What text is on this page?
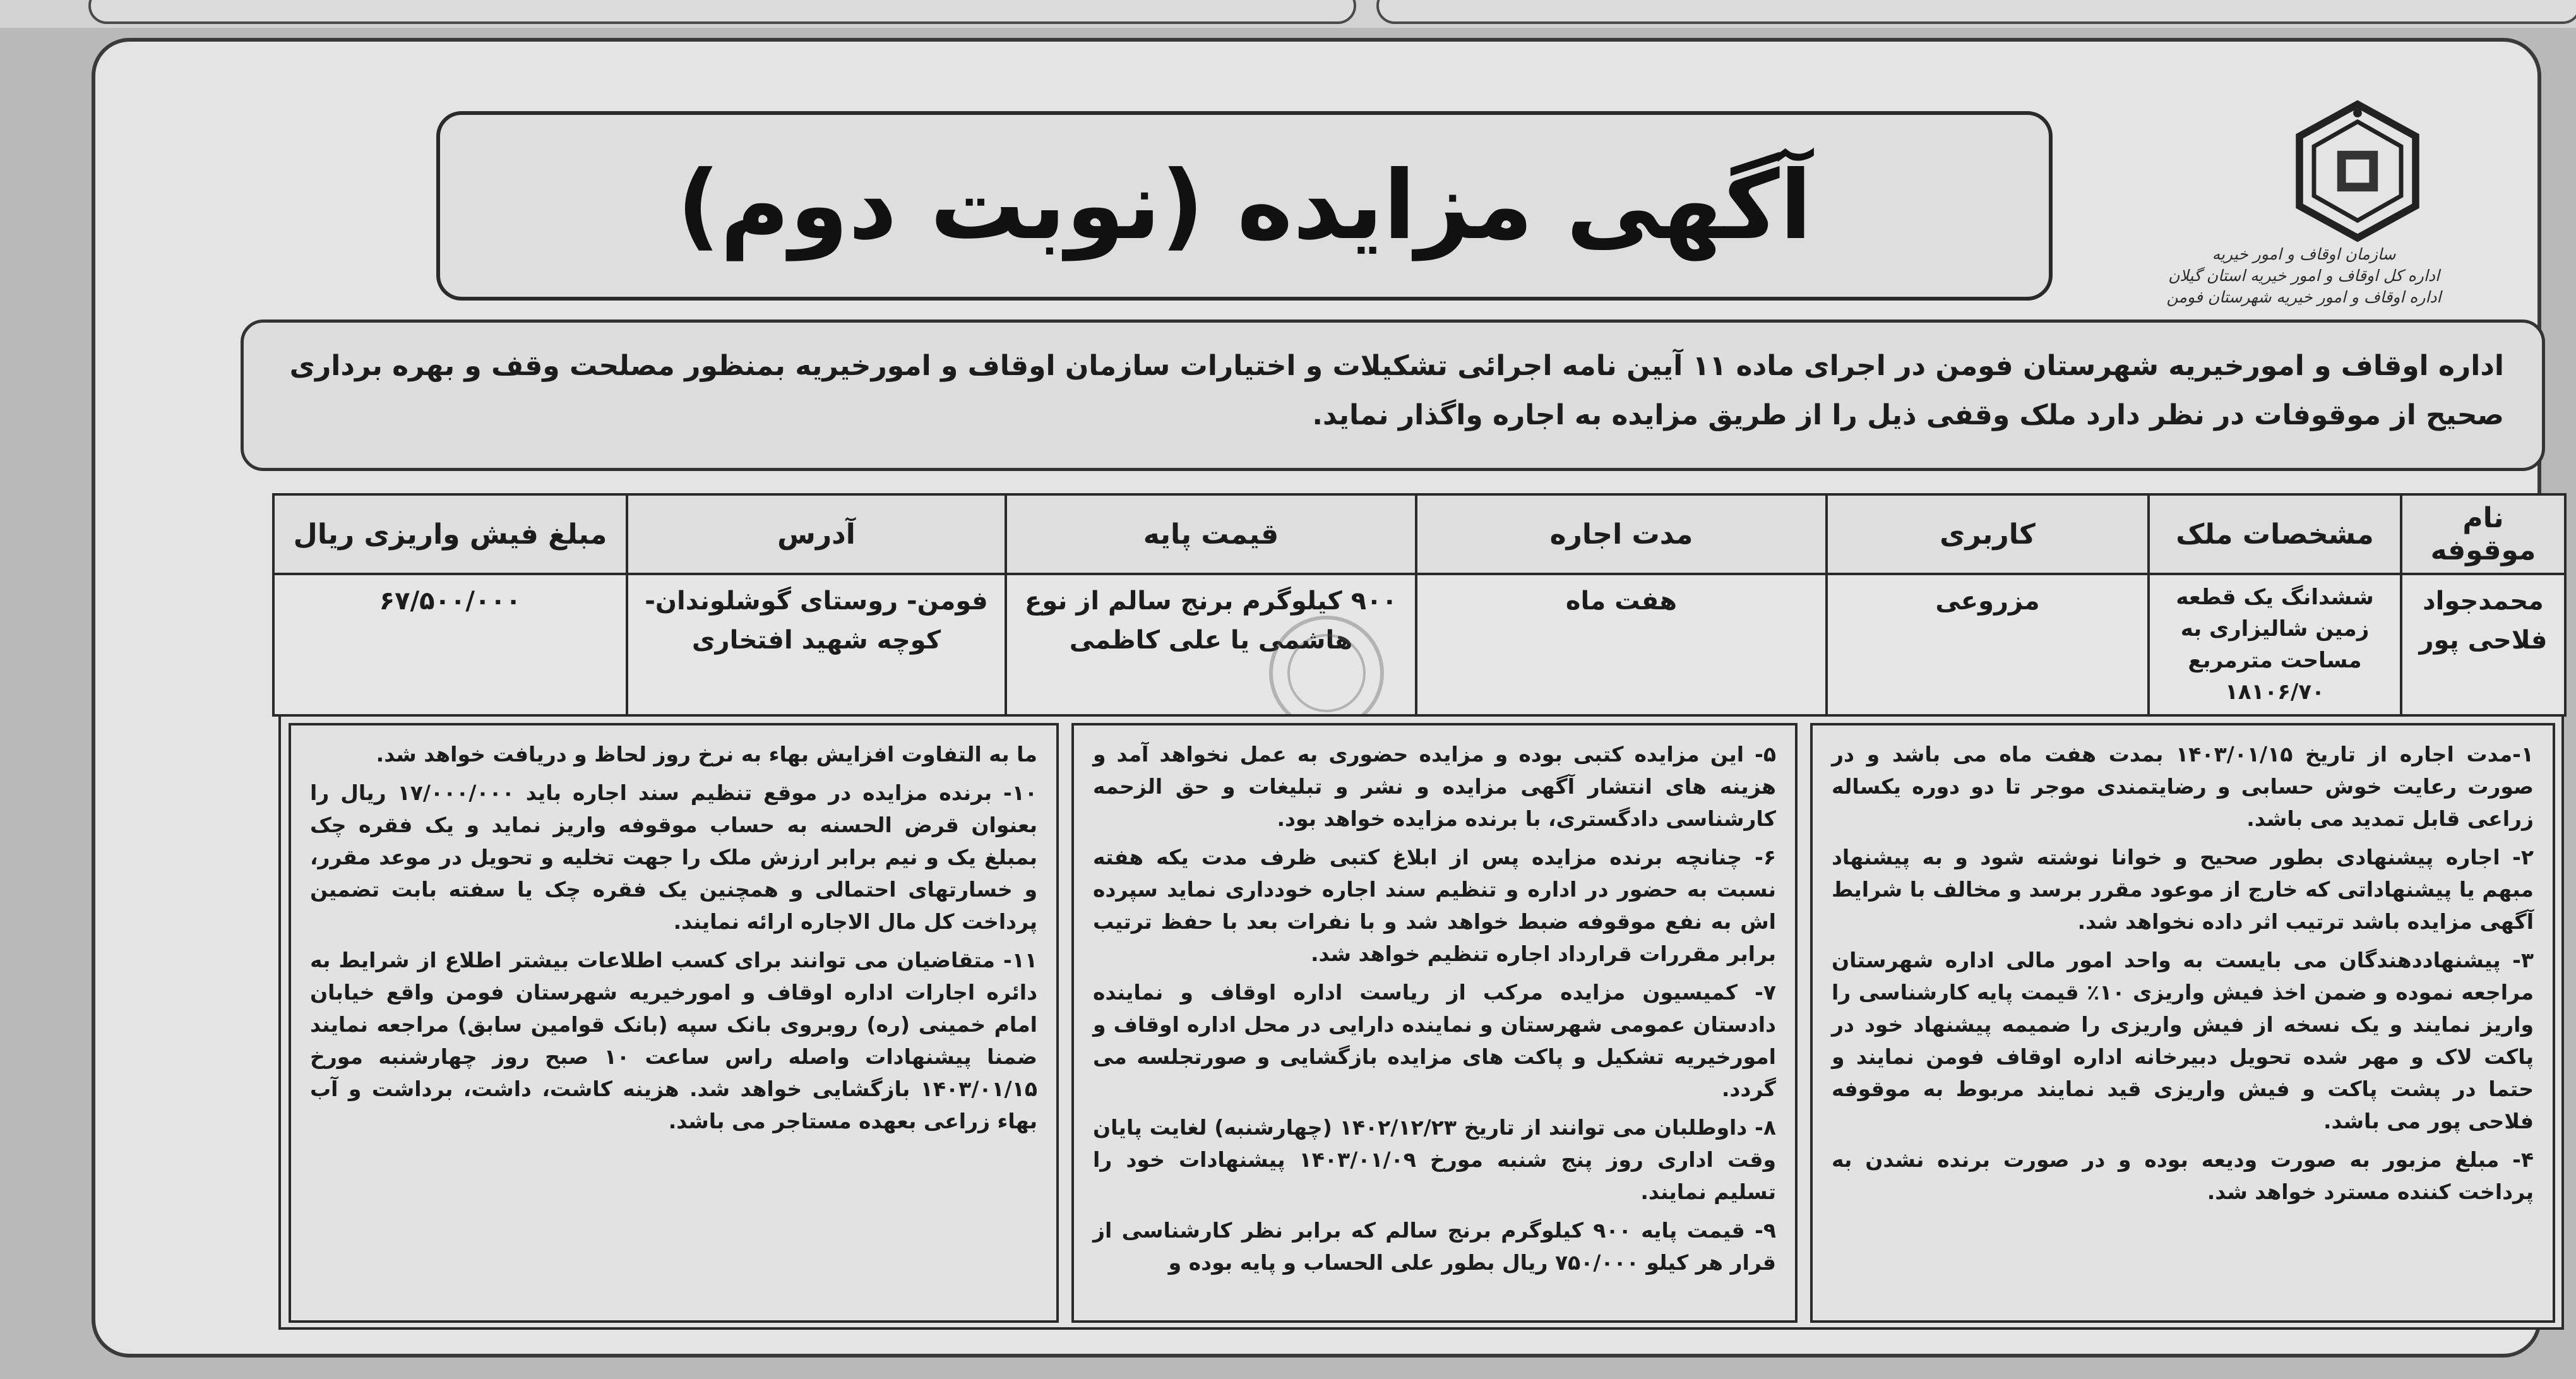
سازمان اوقاف و امور خیریه
اداره کل اوقاف و امور خیریه استان گیلان
اداره اوقاف و امور خیریه شهرستان فومن
آگهی مزایده (نوبت دوم)
اداره اوقاف و امورخیریه شهرستان فومن در اجرای ماده ۱۱ آیین نامه اجرائی تشکیلات و اختیارات سازمان اوقاف و امورخیریه بمنظور مصلحت وقف و بهره برداری صحیح از موقوفات در نظر دارد ملک وقفی ذیل را از طریق مزایده به اجاره واگذار نماید.
نام موقوفه	مشخصات ملک	کاربری	مدت اجاره	قیمت پایه	آدرس	مبلغ فیش واریزی ریال
محمدجواد فلاحی پور	ششدانگ یک قطعه زمین شالیزاری به مساحت مترمربع ۱۸۱۰۶/۷۰	مزروعی	هفت ماه	۹۰۰ کیلوگرم برنج سالم از نوع هاشمی یا علی کاظمی	فومن- روستای گوشلوندان- کوچه شهید افتخاری	۶۷/۵۰۰/۰۰۰

۱-مدت اجاره از تاریخ ۱۴۰۳/۰۱/۱۵ بمدت هفت ماه می باشد و در صورت رعایت خوش حسابی و رضایتمندی موجر تا دو دوره یکساله زراعی قابل تمدید می باشد.

۲- اجاره پیشنهادی بطور صحیح و خوانا نوشته شود و به پیشنهاد مبهم یا پیشنهاداتی که خارج از موعود مقرر برسد و مخالف با شرایط آگهی مزایده باشد ترتیب اثر داده نخواهد شد.

۳- پیشنهاددهندگان می بایست به واحد امور مالی اداره شهرستان مراجعه نموده و ضمن اخذ فیش واریزی ۱۰٪ قیمت پایه کارشناسی را واریز نمایند و یک نسخه از فیش واریزی را ضمیمه پیشنهاد خود در پاکت لاک و مهر شده تحویل دبیرخانه اداره اوقاف فومن نمایند و حتما در پشت پاکت و فیش واریزی قید نمایند مربوط به موقوفه فلاحی پور می باشد.

۴- مبلغ مزبور به صورت ودیعه بوده و در صورت برنده نشدن به پرداخت کننده مسترد خواهد شد.

۵- این مزایده کتبی بوده و مزایده حضوری به عمل نخواهد آمد و هزینه های انتشار آگهی مزایده و نشر و تبلیغات و حق الزحمه کارشناسی دادگستری، با برنده مزایده خواهد بود.

۶- چنانچه برنده مزایده پس از ابلاغ کتبی ظرف مدت یکه هفته نسبت به حضور در اداره و تنظیم سند اجاره خودداری نماید سپرده اش به نفع موقوفه ضبط خواهد شد و با نفرات بعد با حفظ ترتیب برابر مقررات قرارداد اجاره تنظیم خواهد شد.

۷- کمیسیون مزایده مرکب از ریاست اداره اوقاف و نماینده دادستان عمومی شهرستان و نماینده دارایی در محل اداره اوقاف و امورخیریه تشکیل و پاکت های مزایده بازگشایی و صورتجلسه می گردد.

۸- داوطلبان می توانند از تاریخ ۱۴۰۲/۱۲/۲۳ (چهارشنبه) لغایت پایان وقت اداری روز پنج شنبه مورخ ۱۴۰۳/۰۱/۰۹ پیشنهادات خود را تسلیم نمایند.

۹- قیمت پایه ۹۰۰ کیلوگرم برنج سالم که برابر نظر کارشناسی از قرار هر کیلو ۷۵۰/۰۰۰ ریال بطور علی الحساب و پایه بوده و

ما به التفاوت افزایش بهاء به نرخ روز لحاظ و دریافت خواهد شد.

۱۰- برنده مزایده در موقع تنظیم سند اجاره باید ۱۷/۰۰۰/۰۰۰ ریال را بعنوان قرض الحسنه به حساب موقوفه واریز نماید و یک فقره چک بمبلغ یک و نیم برابر ارزش ملک را جهت تخلیه و تحویل در موعد مقرر، و خسارتهای احتمالی و همچنین یک فقره چک یا سفته بابت تضمین پرداخت کل مال الاجاره ارائه نمایند.

۱۱- متقاضیان می توانند برای کسب اطلاعات بیشتر اطلاع از شرایط به دائره اجارات اداره اوقاف و امورخیریه شهرستان فومن واقع خیابان امام خمینی (ره) روبروی بانک سپه (بانک قوامین سابق) مراجعه نمایند ضمنا پیشنهادات واصله راس ساعت ۱۰ صبح روز چهارشنبه مورخ ۱۴۰۳/۰۱/۱۵ بازگشایی خواهد شد. هزینه کاشت، داشت، برداشت و آب بهاء زراعی بعهده مستاجر می باشد.
